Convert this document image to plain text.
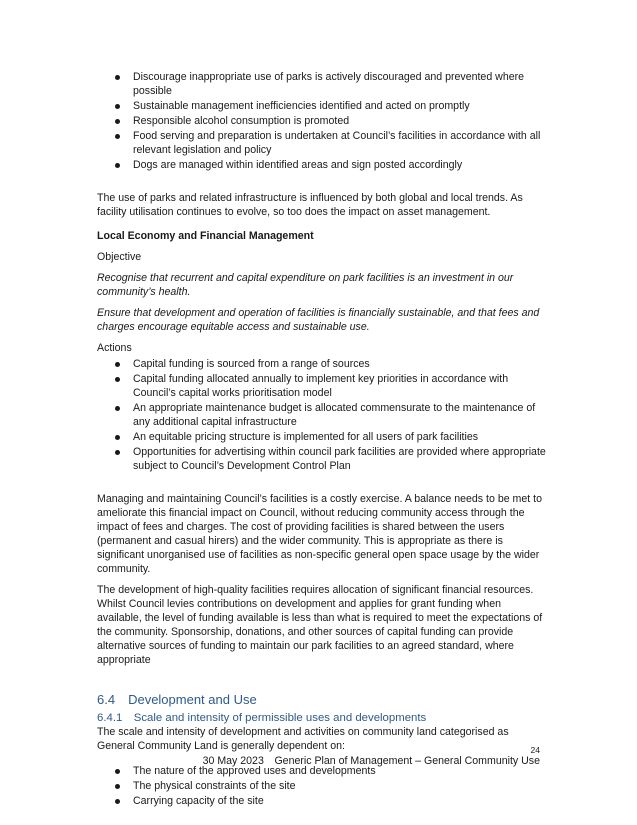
Discourage inappropriate use of parks is actively discouraged and prevented where possible
Sustainable management inefficiencies identified and acted on promptly
Responsible alcohol consumption is promoted
Food serving and preparation is undertaken at Council’s facilities in accordance with all relevant legislation and policy
Dogs are managed within identified areas and sign posted accordingly

The use of parks and related infrastructure is influenced by both global and local trends. As facility utilisation continues to evolve, so too does the impact on asset management.

Local Economy and Financial Management

Objective

Recognise that recurrent and capital expenditure on park facilities is an investment in our community’s health.

Ensure that development and operation of facilities is financially sustainable, and that fees and charges encourage equitable access and sustainable use.

Actions

Capital funding is sourced from a range of sources
Capital funding allocated annually to implement key priorities in accordance with Council’s capital works prioritisation model
An appropriate maintenance budget is allocated commensurate to the maintenance of any additional capital infrastructure
An equitable pricing structure is implemented for all users of park facilities
Opportunities for advertising within council park facilities are provided where appropriate subject to Council’s Development Control Plan

Managing and maintaining Council’s facilities is a costly exercise. A balance needs to be met to ameliorate this financial impact on Council, without reducing community access through the impact of fees and charges. The cost of providing facilities is shared between the users (permanent and casual hirers) and the wider community. This is appropriate as there is significant unorganised use of facilities as non-specific general open space usage by the wider community.

The development of high-quality facilities requires allocation of significant financial resources. Whilst Council levies contributions on development and applies for grant funding when available, the level of funding available is less than what is required to meet the expectations of the community. Sponsorship, donations, and other sources of capital funding can provide alternative sources of funding to maintain our park facilities to an agreed standard, where appropriate

6.4 Development and Use

6.4.1 Scale and intensity of permissible uses and developments

The scale and intensity of development and activities on community land categorised as General Community Land is generally dependent on:

The nature of the approved uses and developments
The physical constraints of the site
Carrying capacity of the site
24
30 May 2023 Generic Plan of Management – General Community Use
